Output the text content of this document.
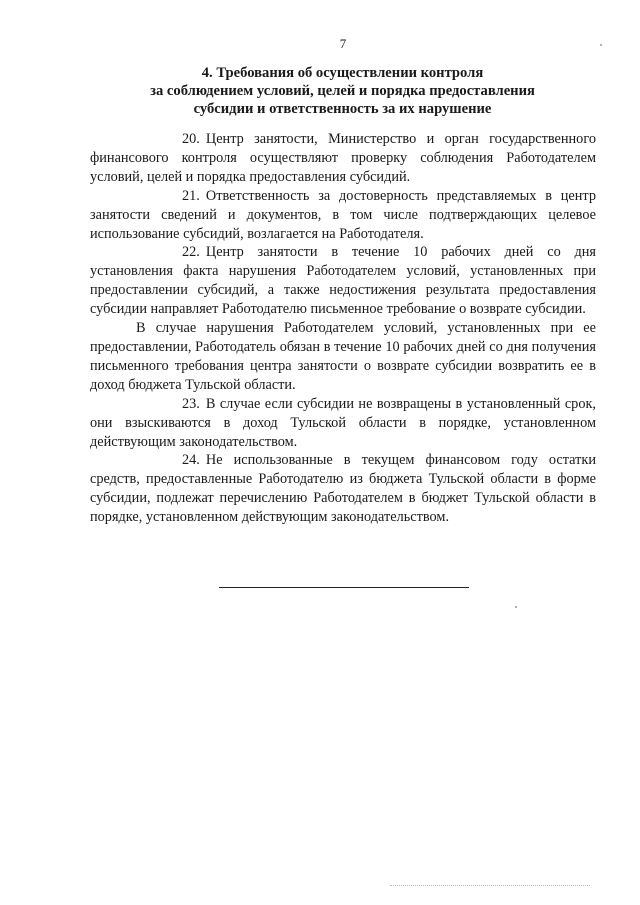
7
4. Требования об осуществлении контроля
за соблюдением условий, целей и порядка предоставления
субсидии и ответственность за их нарушение

20. Центр занятости, Министерство и орган государственного финансового контроля осуществляют проверку соблюдения Работодателем условий, целей и порядка предоставления субсидий.

21. Ответственность за достоверность представляемых в центр занятости сведений и документов, в том числе подтверждающих целевое использование субсидий, возлагается на Работодателя.

22. Центр занятости в течение 10 рабочих дней со дня установления факта нарушения Работодателем условий, установленных при предоставлении субсидий, а также недостижения результата предоставления субсидии направляет Работодателю письменное требование о возврате субсидии.

В случае нарушения Работодателем условий, установленных при ее предоставлении, Работодатель обязан в течение 10 рабочих дней со дня получения письменного требования центра занятости о возврате субсидии возвратить ее в доход бюджета Тульской области.

23. В случае если субсидии не возвращены в установленный срок, они взыскиваются в доход Тульской области в порядке, установленном действующим законодательством.

24. Не использованные в текущем финансовом году остатки средств, предоставленные Работодателю из бюджета Тульской области в форме субсидии, подлежат перечислению Работодателем в бюджет Тульской области в порядке, установленном действующим законодательством.
